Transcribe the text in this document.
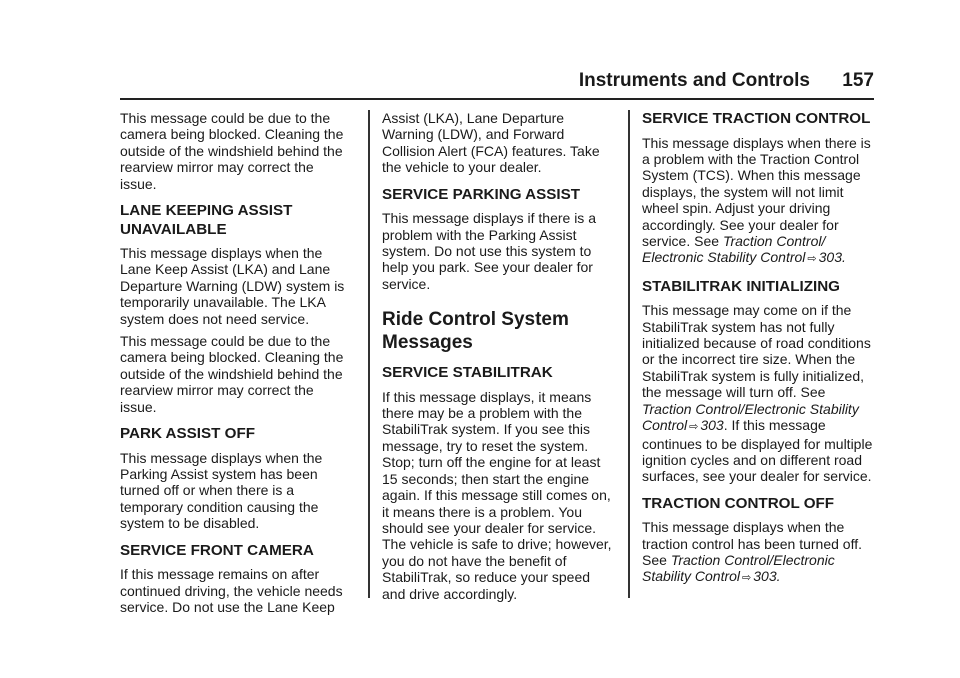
Instruments and Controls 157

This message could be due to the camera being blocked. Cleaning the outside of the windshield behind the rearview mirror may correct the issue.

LANE KEEPING ASSIST UNAVAILABLE

This message displays when the Lane Keep Assist (LKA) and Lane Departure Warning (LDW) system is temporarily unavailable. The LKA system does not need service.

This message could be due to the camera being blocked. Cleaning the outside of the windshield behind the rearview mirror may correct the issue.

PARK ASSIST OFF

This message displays when the Parking Assist system has been turned off or when there is a temporary condition causing the system to be disabled.

SERVICE FRONT CAMERA

If this message remains on after continued driving, the vehicle needs service. Do not use the Lane Keep

Assist (LKA), Lane Departure Warning (LDW), and Forward Collision Alert (FCA) features. Take the vehicle to your dealer.

SERVICE PARKING ASSIST

This message displays if there is a problem with the Parking Assist system. Do not use this system to help you park. See your dealer for service.

Ride Control System Messages
SERVICE STABILITRAK

If this message displays, it means there may be a problem with the StabiliTrak system. If you see this message, try to reset the system. Stop; turn off the engine for at least 15 seconds; then start the engine again. If this message still comes on, it means there is a problem. You should see your dealer for service. The vehicle is safe to drive; however, you do not have the benefit of StabiliTrak, so reduce your speed and drive accordingly.

SERVICE TRACTION CONTROL

This message displays when there is a problem with the Traction Control System (TCS). When this message displays, the system will not limit wheel spin. Adjust your driving accordingly. See your dealer for service. See Traction Control/ Electronic Stability Control ⇨ 303.

STABILITRAK INITIALIZING

This message may come on if the StabiliTrak system has not fully initialized because of road conditions or the incorrect tire size. When the StabiliTrak system is fully initialized, the message will turn off. See Traction Control/Electronic Stability Control ⇨ 303. If this message continues to be displayed for multiple ignition cycles and on different road surfaces, see your dealer for service.

TRACTION CONTROL OFF

This message displays when the traction control has been turned off. See Traction Control/Electronic Stability Control ⇨ 303.
